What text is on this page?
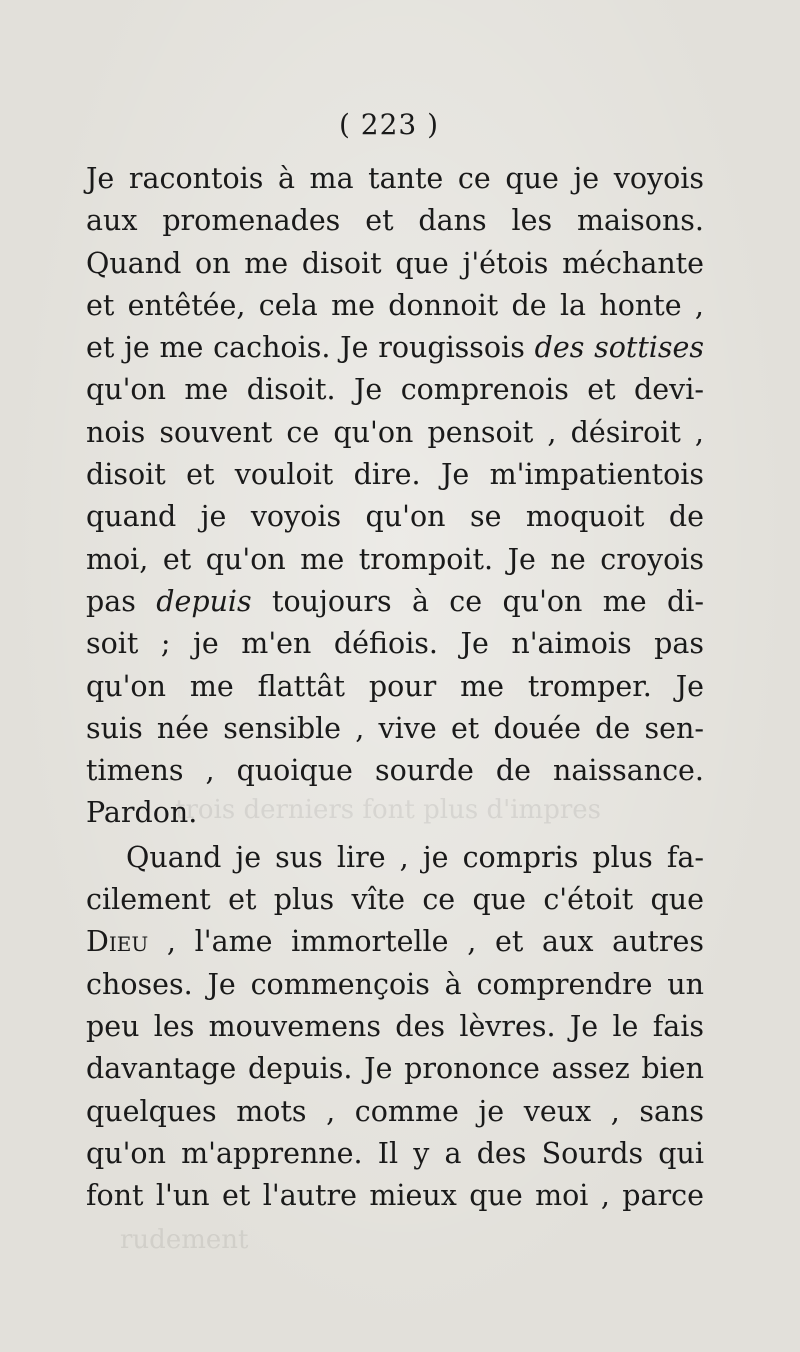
trois derniers font plus d'impres
rudement
( 223 )
Je racontois à ma tante ce que je voyois
aux promenades et dans les maisons.
Quand on me disoit que j'étois méchante
et entêtée, cela me donnoit de la honte ,
et je me cachois. Je rougissois des sottises
qu'on me disoit. Je comprenois et devi-
nois souvent ce qu'on pensoit , désiroit ,
disoit et vouloit dire. Je m'impatientois
quand je voyois qu'on se moquoit de
moi, et qu'on me trompoit. Je ne croyois
pas depuis toujours à ce qu'on me di-
soit ; je m'en défiois. Je n'aimois pas
qu'on me flattât pour me tromper. Je
suis née sensible , vive et douée de sen-
timens , quoique sourde de naissance.
Pardon.
Quand je sus lire , je compris plus fa-
cilement et plus vîte ce que c'étoit que
Dieu , l'ame immortelle , et aux autres
choses. Je commençois à comprendre un
peu les mouvemens des lèvres. Je le fais
davantage depuis. Je prononce assez bien
quelques mots , comme je veux , sans
qu'on m'apprenne. Il y a des Sourds qui
font l'un et l'autre mieux que moi , parce
